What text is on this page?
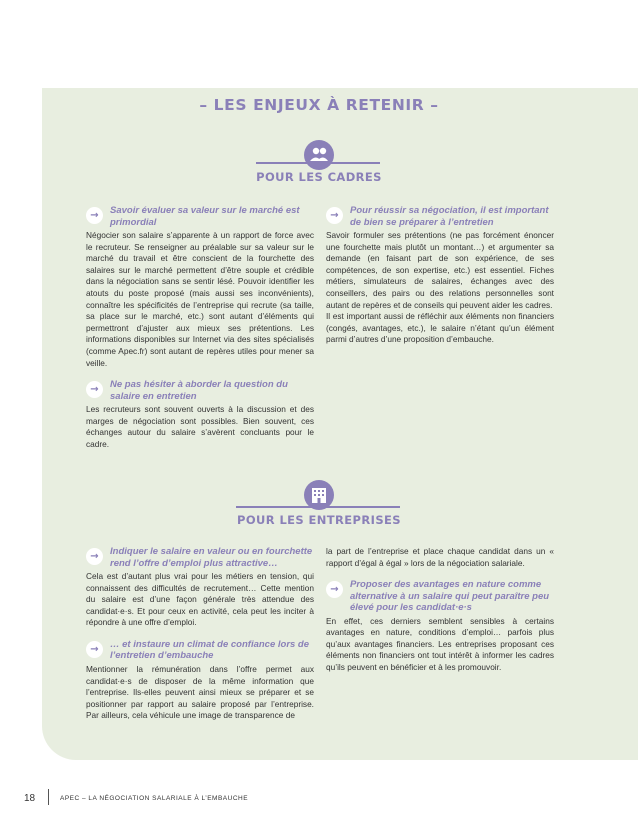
– LES ENJEUX À RETENIR –
POUR LES CADRES
→	Savoir évaluer sa valeur sur le marché est primordial

Négocier son salaire s’apparente à un rapport de force avec le recruteur. Se renseigner au préalable sur sa valeur sur le marché du travail et être conscient de la fourchette des salaires sur le marché permettent d’être souple et crédible dans la négociation sans se sentir lésé. Pouvoir identifier les atouts du poste proposé (mais aussi ses inconvénients), connaître les spécificités de l’entreprise qui recrute (sa taille, sa place sur le marché, etc.) sont autant d’éléments qui permettront d’ajuster aux mieux ses prétentions. Les informations disponibles sur Internet via des sites spécialisés (comme Apec.fr) sont autant de repères utiles pour mener sa veille.

→	Ne pas hésiter à aborder la question du salaire en entretien

Les recruteurs sont souvent ouverts à la discussion et des marges de négociation sont possibles. Bien souvent, ces échanges autour du salaire s’avèrent concluants pour le cadre.

→	Pour réussir sa négociation, il est important de bien se préparer à l’entretien

Savoir formuler ses prétentions (ne pas forcément énoncer une fourchette mais plutôt un montant…) et argumenter sa demande (en faisant part de son expérience, de ses compétences, de son expertise, etc.) est essentiel. Fiches métiers, simulateurs de salaires, échanges avec des conseillers, des pairs ou des relations personnelles sont autant de repères et de conseils qui peuvent aider les cadres.

Il est important aussi de réfléchir aux éléments non financiers (congés, avantages, etc.), le salaire n’étant qu’un élément parmi d’autres d’une proposition d’embauche.

POUR LES ENTREPRISES
→	Indiquer le salaire en valeur ou en fourchette rend l’offre d’emploi plus attractive…

Cela est d’autant plus vrai pour les métiers en tension, qui connaissent des difficultés de recrutement… Cette mention du salaire est d’une façon générale très attendue des candidat·e·s. Et pour ceux en activité, cela peut les inciter à répondre à une offre d’emploi.

→	… et instaure un climat de confiance lors de l’entretien d’embauche

Mentionner la rémunération dans l’offre permet aux candidat·e·s de disposer de la même information que l’entreprise. Ils-elles peuvent ainsi mieux se préparer et se positionner par rapport au salaire proposé par l’entreprise. Par ailleurs, cela véhicule une image de transparence de

la part de l’entreprise et place chaque candidat dans un « rapport d’égal à égal » lors de la négociation salariale.

→	Proposer des avantages en nature comme alternative à un salaire qui peut paraître peu élevé pour les candidat·e·s

En effet, ces derniers semblent sensibles à certains avantages en nature, conditions d’emploi… parfois plus qu’aux avantages financiers. Les entreprises proposant ces éléments non financiers ont tout intérêt à informer les cadres qu’ils peuvent en bénéficier et à les promouvoir.

18	APEC – LA NÉGOCIATION SALARIALE À L’EMBAUCHE
